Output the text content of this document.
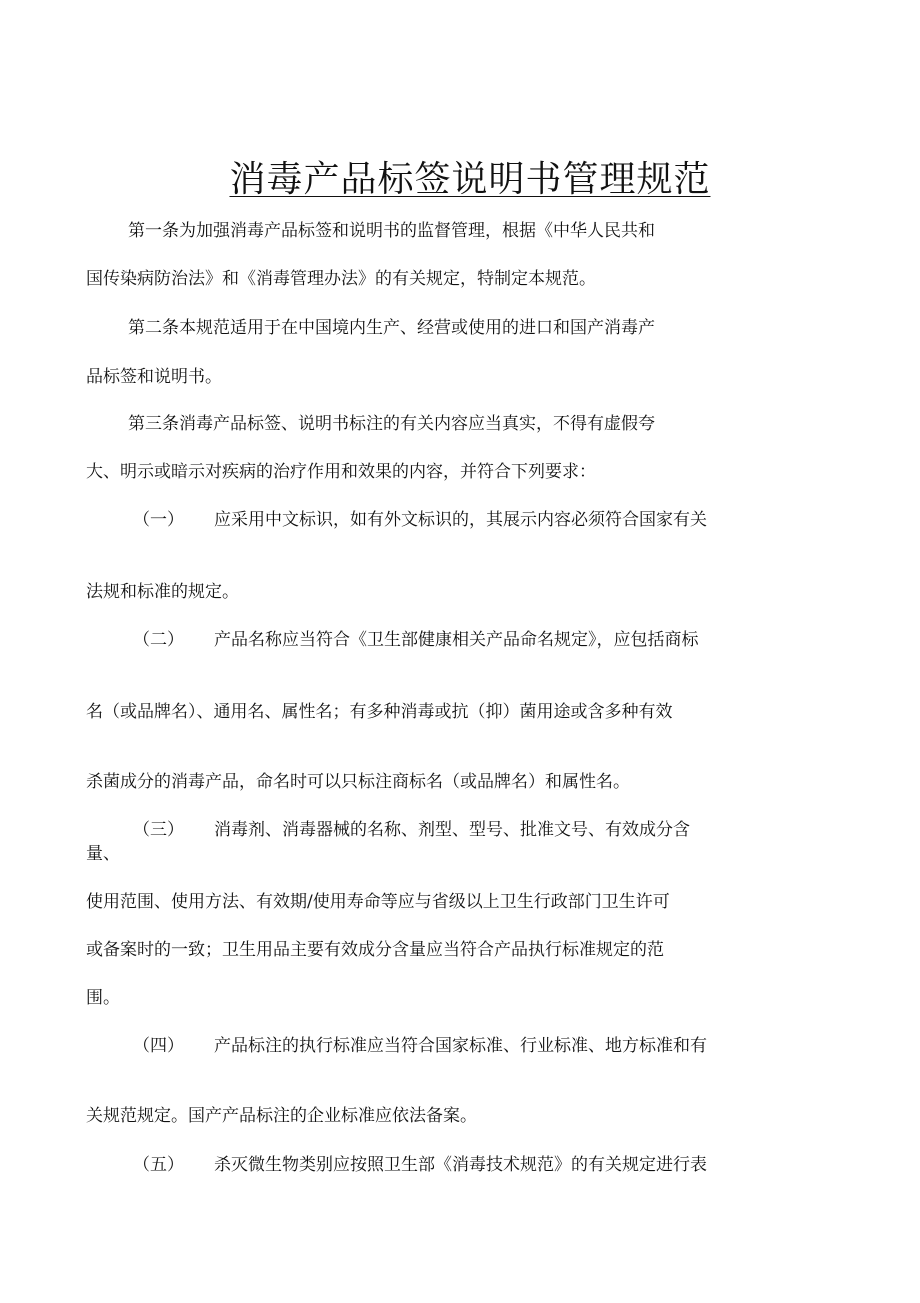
消毒产品标签说明书管理规范
第一条为加强消毒产品标签和说明书的监督管理，根据《中华人民共和
国传染病防治法》和《消毒管理办法》的有关规定，特制定本规范。
第二条本规范适用于在中国境内生产、经营或使用的进口和国产消毒产
品标签和说明书。
第三条消毒产品标签、说明书标注的有关内容应当真实，不得有虚假夸
大、明示或暗示对疾病的治疗作用和效果的内容，并符合下列要求：
（一） 应采用中文标识，如有外文标识的，其展示内容必须符合国家有关
法规和标准的规定。
（二） 产品名称应当符合《卫生部健康相关产品命名规定》，应包括商标
名（或品牌名）、通用名、属性名；有多种消毒或抗（抑）菌用途或含多种有效
杀菌成分的消毒产品，命名时可以只标注商标名（或品牌名）和属性名。
（三） 消毒剂、消毒器械的名称、剂型、型号、批准文号、有效成分含量、
使用范围、使用方法、有效期/使用寿命等应与省级以上卫生行政部门卫生许可
或备案时的一致；卫生用品主要有效成分含量应当符合产品执行标准规定的范
围。
（四） 产品标注的执行标准应当符合国家标准、行业标准、地方标准和有
关规范规定。国产产品标注的企业标准应依法备案。
（五） 杀灭微生物类别应按照卫生部《消毒技术规范》的有关规定进行表
